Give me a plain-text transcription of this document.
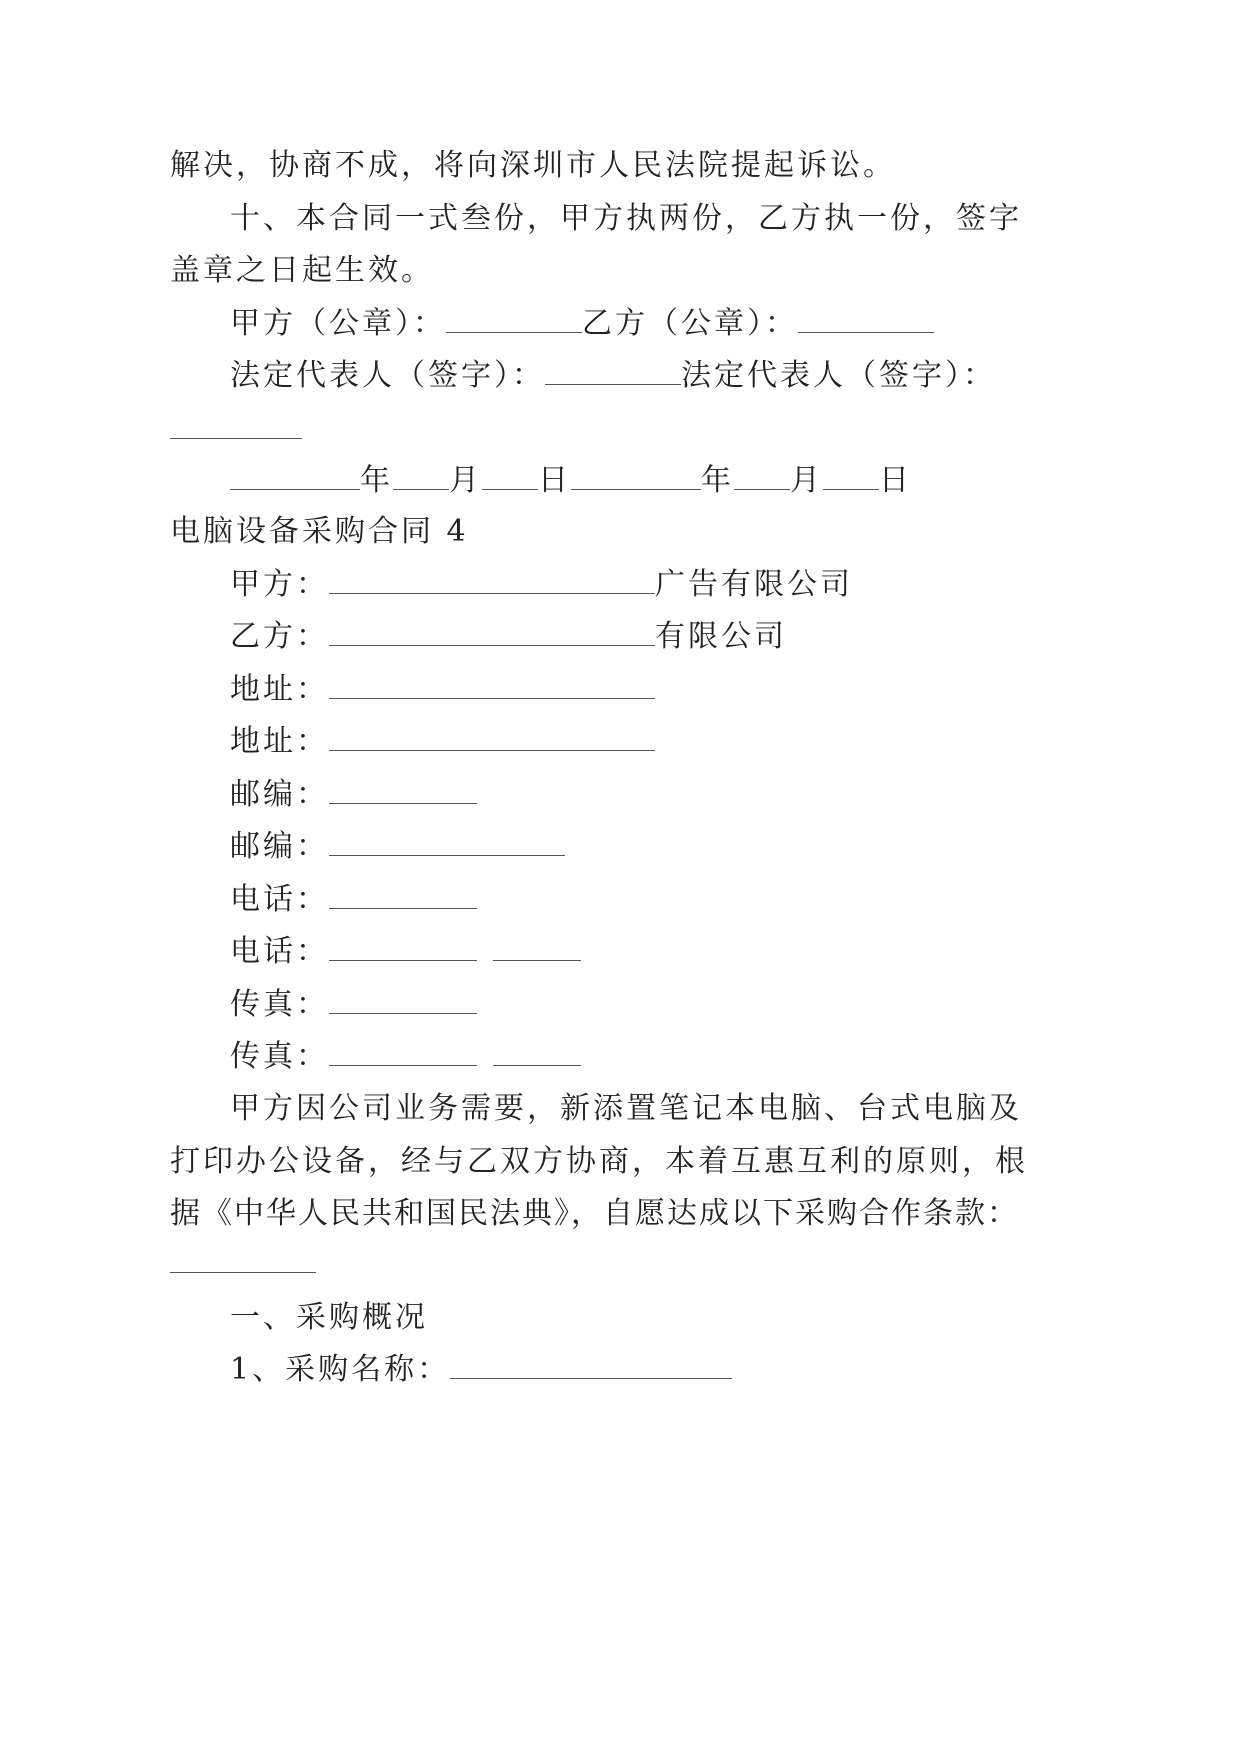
解决，协商不成，将向深圳市人民法院提起诉讼。
十、本合同一式叁份，甲方执两份，乙方执一份，签字
盖章之日起生效。
甲方（公章）：	乙方（公章）：
法定代表人（签字）：	法定代表人（签字）：
年 月 日	年 月 日
电脑设备采购合同 4
甲方：	广告有限公司
乙方：	有限公司
地址：
地址：
邮编：
邮编：
电话：
电话：
传真：
传真：
甲方因公司业务需要，新添置笔记本电脑、台式电脑及
打印办公设备，经与乙双方协商，本着互惠互利的原则，根
据《中华人民共和国民法典》，自愿达成以下采购合作条款：
一、采购概况
1、采购名称：
